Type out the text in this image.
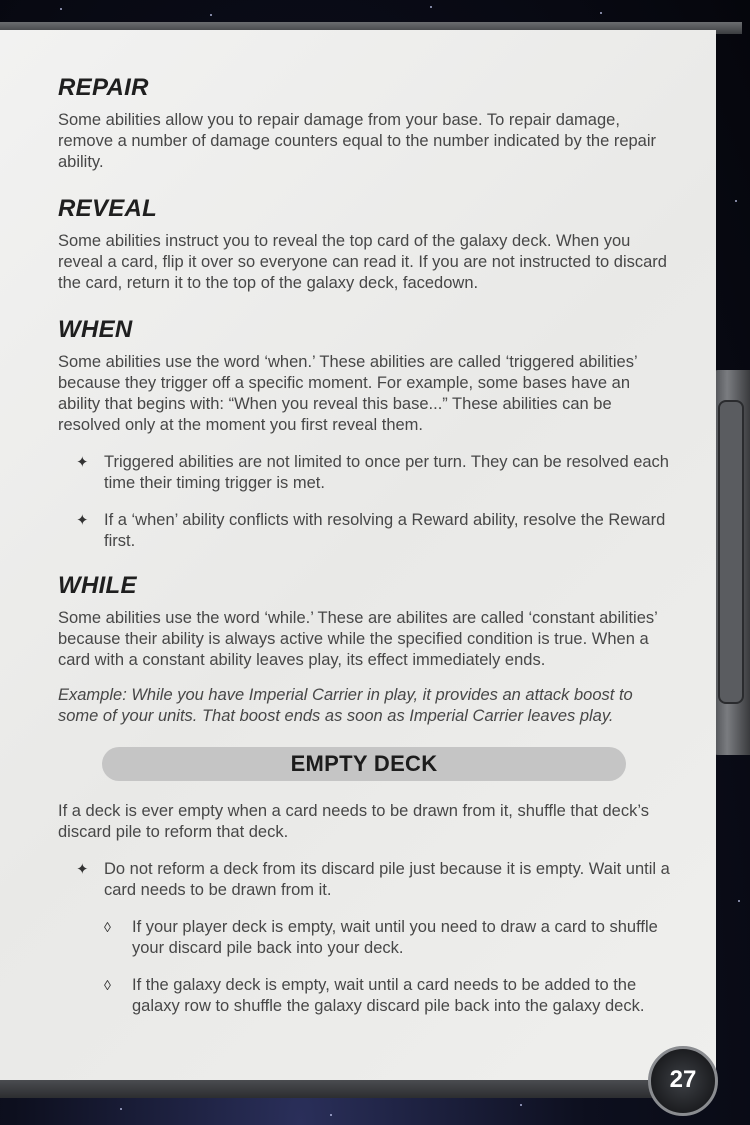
REPAIR

Some abilities allow you to repair damage from your base. To repair damage, remove a number of damage counters equal to the number indicated by the repair ability.

REVEAL

Some abilities instruct you to reveal the top card of the galaxy deck. When you reveal a card, flip it over so everyone can read it. If you are not instructed to discard the card, return it to the top of the galaxy deck, facedown.

WHEN

Some abilities use the word ‘when.’ These abilities are called ‘triggered abilities’ because they trigger off a specific moment. For example, some bases have an ability that begins with: “When you reveal this base...” These abilities can be resolved only at the moment you first reveal them.

✦ Triggered abilities are not limited to once per turn. They can be resolved each time their timing trigger is met.
✦ If a ‘when’ ability conflicts with resolving a Reward ability, resolve the Reward first.
WHILE

Some abilities use the word ‘while.’ These are abilites are called ‘constant abilities’ because their ability is always active while the specified condition is true. When a card with a constant ability leaves play, its effect immediately ends.

Example: While you have Imperial Carrier in play, it provides an attack boost to some of your units. That boost ends as soon as Imperial Carrier leaves play.

EMPTY DECK

If a deck is ever empty when a card needs to be drawn from it, shuffle that deck’s discard pile to reform that deck.

✦ Do not reform a deck from its discard pile just because it is empty. Wait until a card needs to be drawn from it.
◊ If your player deck is empty, wait until you need to draw a card to shuffle your discard pile back into your deck.
◊ If the galaxy deck is empty, wait until a card needs to be added to the galaxy row to shuffle the galaxy discard pile back into the galaxy deck.
27
